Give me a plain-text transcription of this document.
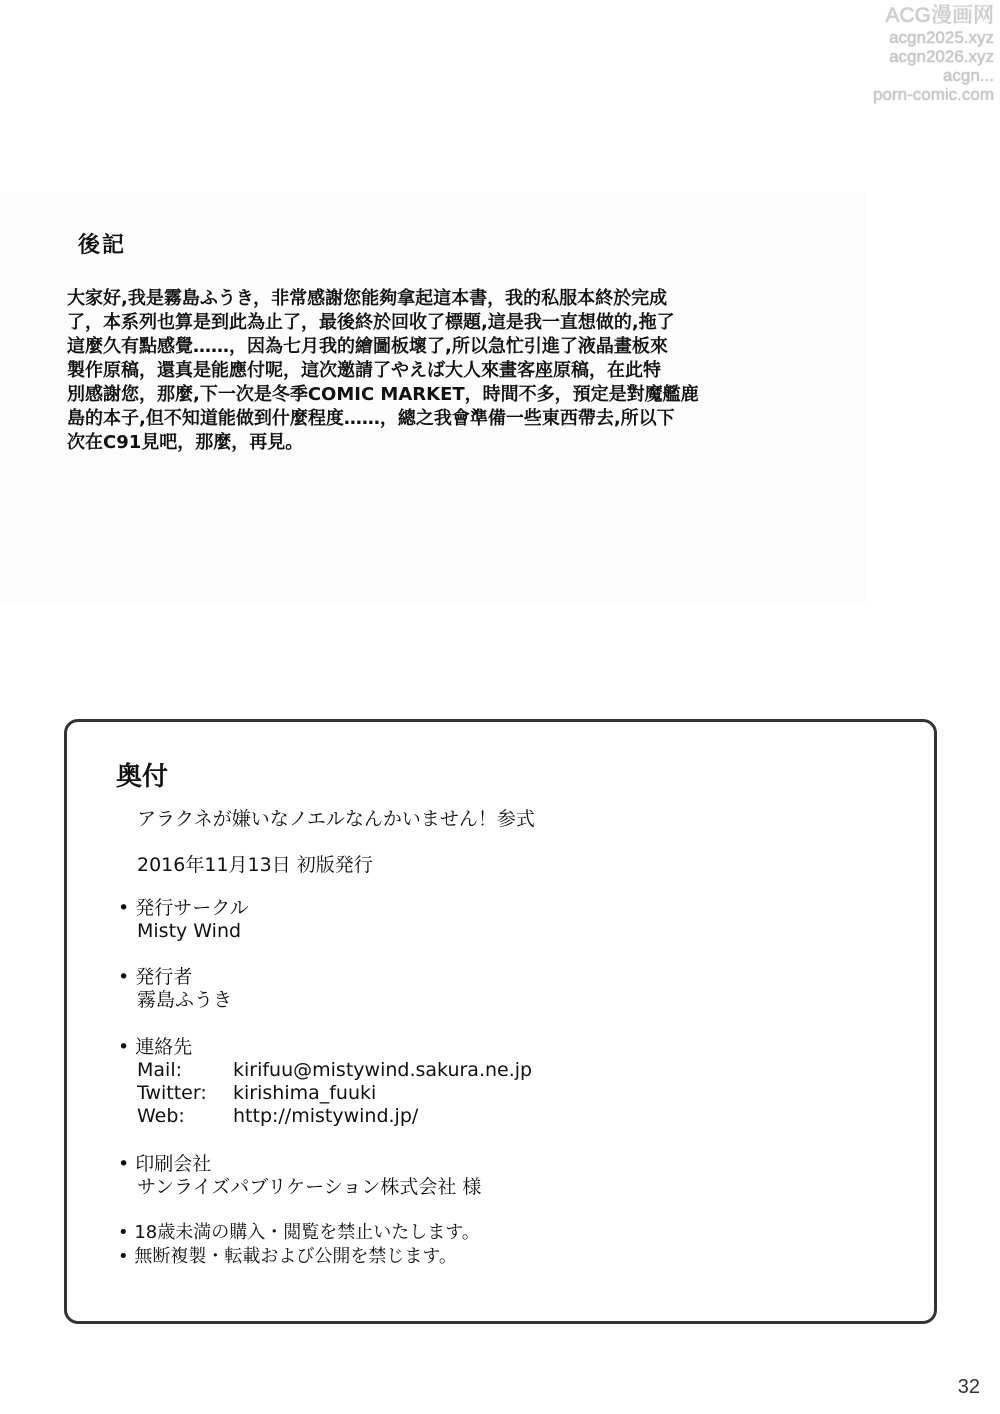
ACG漫画网
acgn2025.xyz
acgn2026.xyz
acgn...
porn-comic.com
後記
大家好,我是霧島ふうき，非常感謝您能夠拿起這本書，我的私服本終於完成
了，本系列也算是到此為止了，最後終於回收了標題,這是我一直想做的,拖了
這麼久有點感覺……，因為七月我的繪圖板壞了,所以急忙引進了液晶畫板來
製作原稿，還真是能應付呢，這次邀請了やえば大人來畫客座原稿，在此特
別感謝您，那麼,下一次是冬季COMIC MARKET，時間不多，預定是對魔艦鹿
島的本子,但不知道能做到什麼程度……，總之我會準備一些東西帶去,所以下
次在C91見吧，那麼，再見。
奥付
アラクネが嫌いなノエルなんかいません！参式
2016年11月13日 初版発行
• 発行サークル
Misty Wind
• 発行者
霧島ふうき
• 連絡先
Mail:	kirifuu@mistywind.sakura.ne.jp
Twitter:	kirishima_fuuki
Web:	http://mistywind.jp/
• 印刷会社
サンライズパブリケーション株式会社 様
• 18歳未満の購入・閲覧を禁止いたします。
• 無断複製・転載および公開を禁じます。
32
